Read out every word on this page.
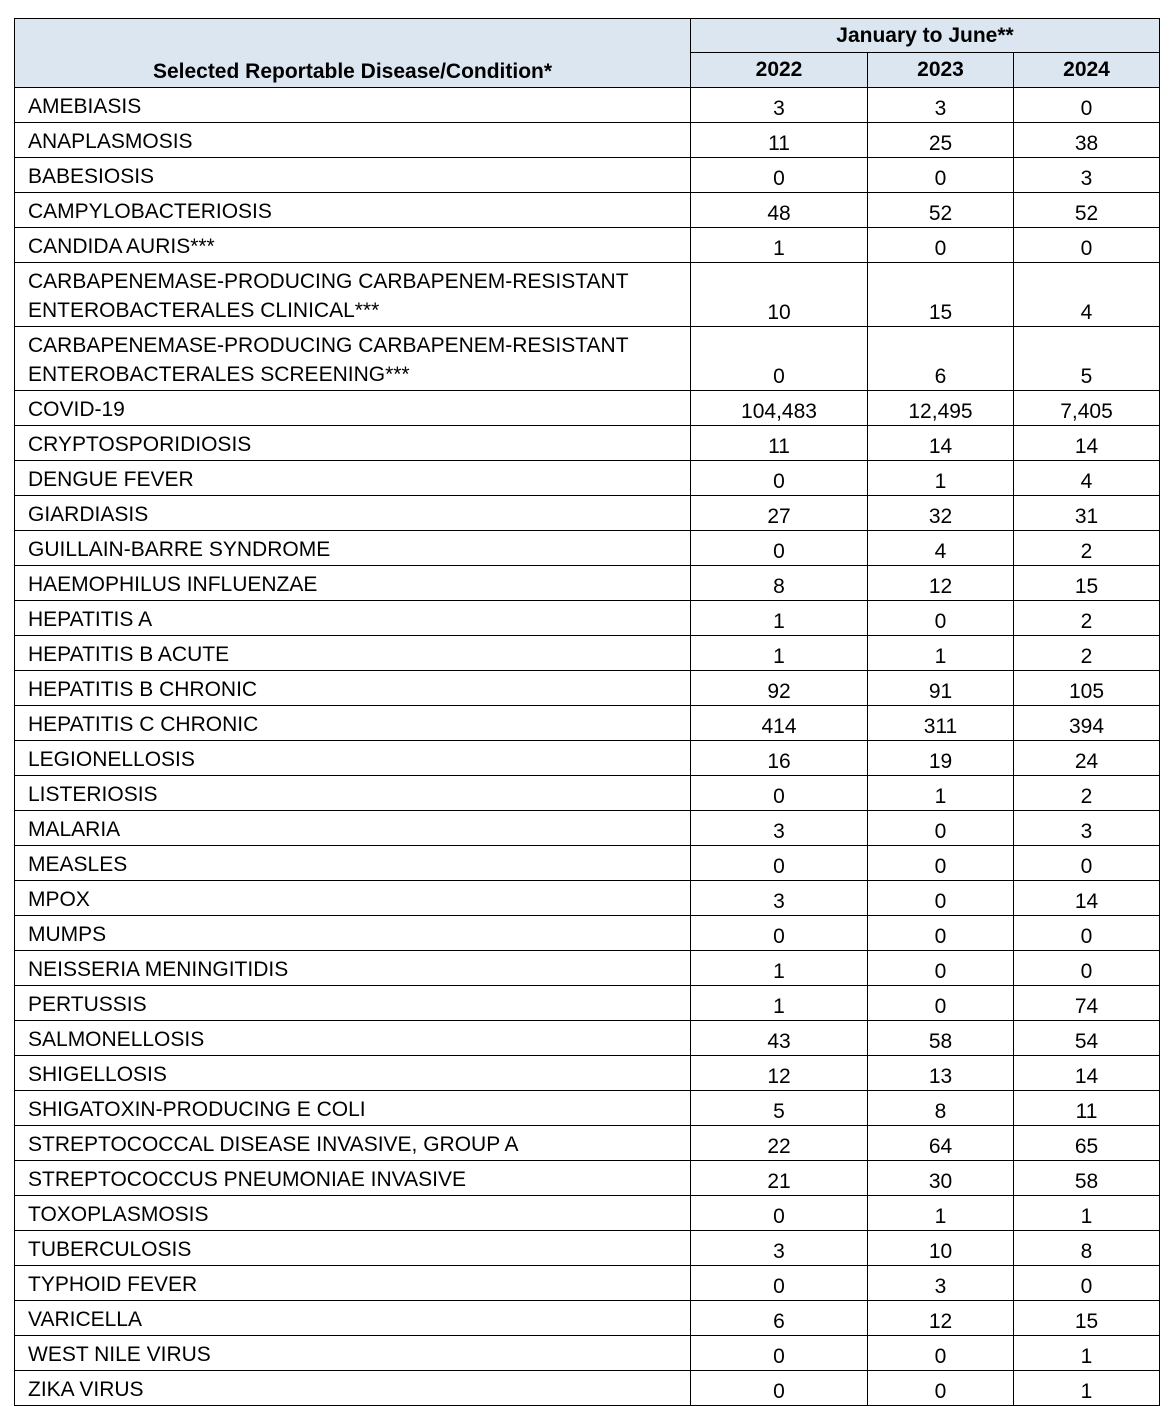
Selected Reportable Disease/Condition*	January to June**		
	2022	2023	2024
AMEBIASIS	3	3	0
ANAPLASMOSIS	11	25	38
BABESIOSIS	0	0	3
CAMPYLOBACTERIOSIS	48	52	52
CANDIDA AURIS***	1	0	0
CARBAPENEMASE-PRODUCING CARBAPENEM-RESISTANT ENTEROBACTERALES CLINICAL***	10	15	4
CARBAPENEMASE-PRODUCING CARBAPENEM-RESISTANT ENTEROBACTERALES SCREENING***	0	6	5
COVID-19	104,483	12,495	7,405
CRYPTOSPORIDIOSIS	11	14	14
DENGUE FEVER	0	1	4
GIARDIASIS	27	32	31
GUILLAIN-BARRE SYNDROME	0	4	2
HAEMOPHILUS INFLUENZAE	8	12	15
HEPATITIS A	1	0	2
HEPATITIS B ACUTE	1	1	2
HEPATITIS B CHRONIC	92	91	105
HEPATITIS C CHRONIC	414	311	394
LEGIONELLOSIS	16	19	24
LISTERIOSIS	0	1	2
MALARIA	3	0	3
MEASLES	0	0	0
MPOX	3	0	14
MUMPS	0	0	0
NEISSERIA MENINGITIDIS	1	0	0
PERTUSSIS	1	0	74
SALMONELLOSIS	43	58	54
SHIGELLOSIS	12	13	14
SHIGATOXIN-PRODUCING E COLI	5	8	11
STREPTOCOCCAL DISEASE INVASIVE, GROUP A	22	64	65
STREPTOCOCCUS PNEUMONIAE INVASIVE	21	30	58
TOXOPLASMOSIS	0	1	1
TUBERCULOSIS	3	10	8
TYPHOID FEVER	0	3	0
VARICELLA	6	12	15
WEST NILE VIRUS	0	0	1
ZIKA VIRUS	0	0	1
